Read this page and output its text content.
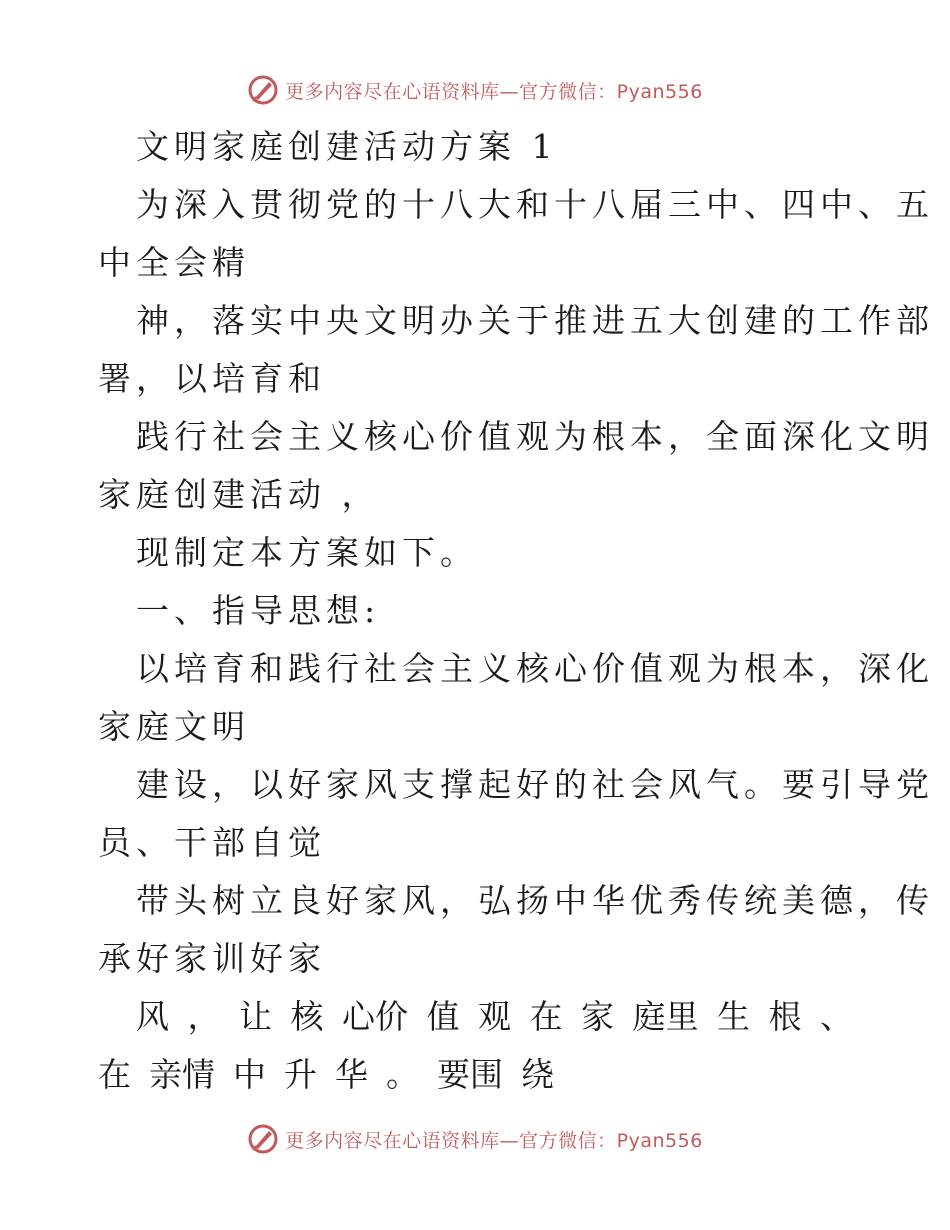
更多内容尽在心语资料库—官方微信：Pyan556
文明家庭创建活动方案 1
为深入贯彻党的十八大和十八届三中、四中、五
中全会精
神，落实中央文明办关于推进五大创建的工作部
署，以培育和
践行社会主义核心价值观为根本，全面深化文明
家庭创建活动 ，
现制定本方案如下。
一、指导思想:
以培育和践行社会主义核心价值观为根本，深化
家庭文明
建设，以好家风支撑起好的社会风气。要引导党
员、干部自觉
带头树立良好家风，弘扬中华优秀传统美德，传
承好家训好家
风 ， 让 核 心价 值 观 在 家 庭里 生 根 、
在 亲情 中 升 华 。 要围 绕
更多内容尽在心语资料库—官方微信：Pyan556
